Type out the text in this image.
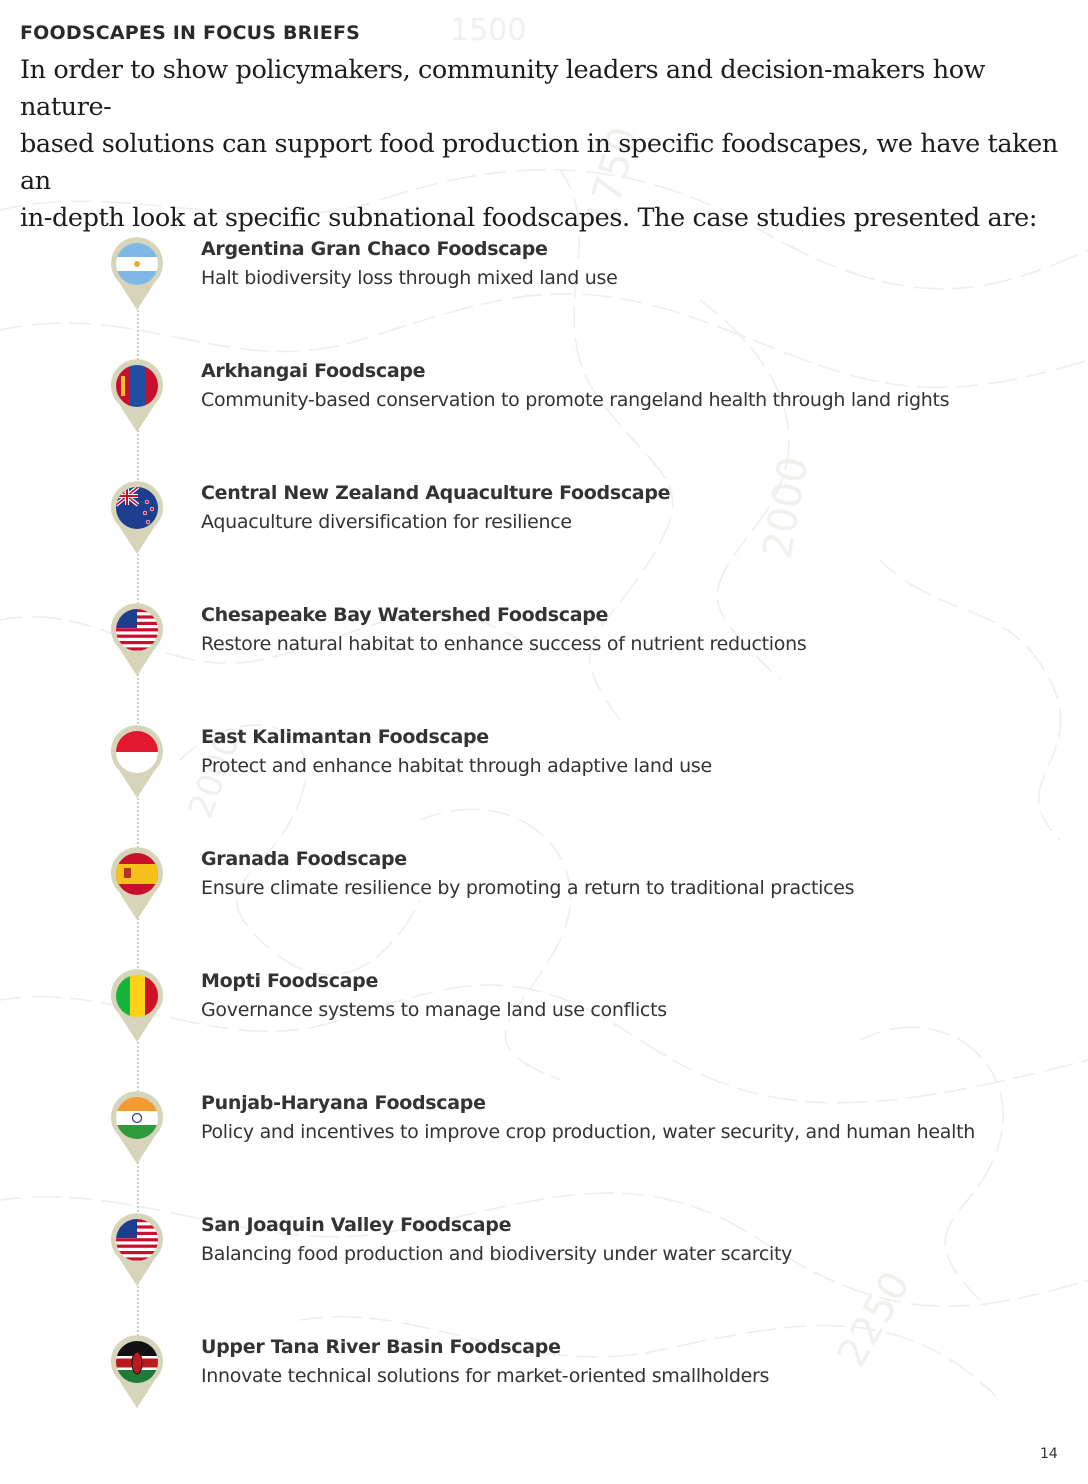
1750
2000
2250
2000
1500
FOODSCAPES IN FOCUS BRIEFS
In order to show policymakers, community leaders and decision-makers how nature-
based solutions can support food production in specific foodscapes, we have taken an
in-depth look at specific subnational foodscapes. The case studies presented are:
Argentina Gran Chaco Foodscape
Halt biodiversity loss through mixed land use
Arkhangai Foodscape
Community-based conservation to promote rangeland health through land rights
Central New Zealand Aquaculture Foodscape
Aquaculture diversification for resilience
Chesapeake Bay Watershed Foodscape
Restore natural habitat to enhance success of nutrient reductions
East Kalimantan Foodscape
Protect and enhance habitat through adaptive land use
Granada Foodscape
Ensure climate resilience by promoting a return to traditional practices
Mopti Foodscape
Governance systems to manage land use conflicts
Punjab-Haryana Foodscape
Policy and incentives to improve crop production, water security, and human health
San Joaquin Valley Foodscape
Balancing food production and biodiversity under water scarcity
Upper Tana River Basin Foodscape
Innovate technical solutions for market-oriented smallholders
14
